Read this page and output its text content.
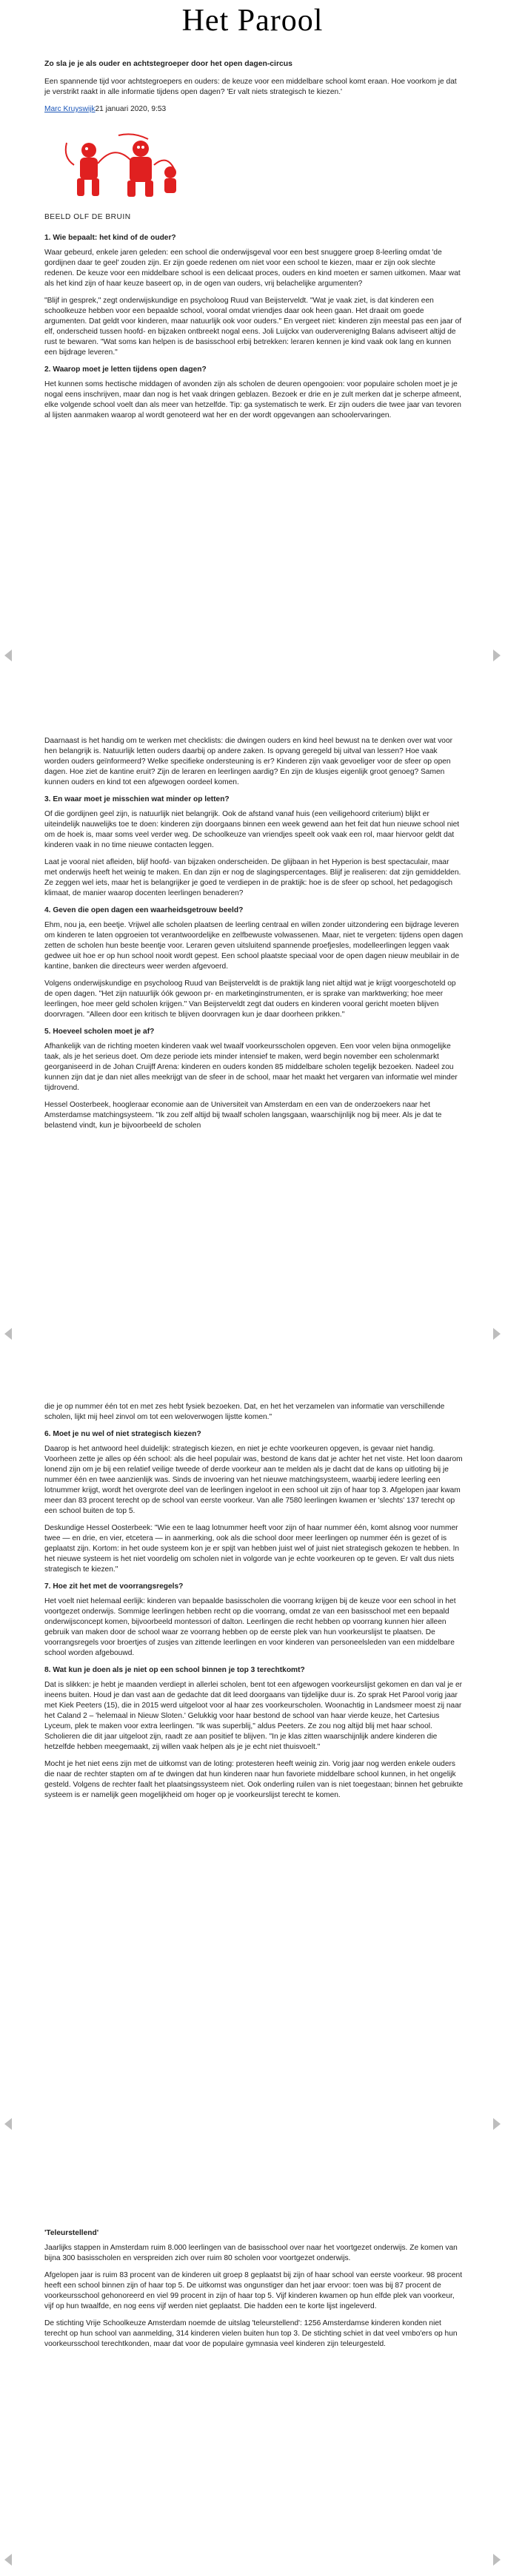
Het Parool

Zo sla je je als ouder en achtstegroeper door het open dagen-circus

Een spannende tijd voor achtstegroepers en ouders: de keuze voor een middelbare school komt eraan. Hoe voorkom je dat je verstrikt raakt in alle informatie tijdens open dagen? 'Er valt niets strategisch te kiezen.'

Marc Kruyswijk21 januari 2020, 9:53

BEELD OLF DE BRUIN

1. Wie bepaalt: het kind of de ouder?

Waar gebeurd, enkele jaren geleden: een school die onderwijsgeval voor een best snuggere groep 8-leerling omdat 'de gordijnen daar te geel' zouden zijn. Er zijn goede redenen om niet voor een school te kiezen, maar er zijn ook slechte redenen. De keuze voor een middelbare school is een delicaat proces, ouders en kind moeten er samen uitkomen. Maar wat als het kind zijn of haar keuze baseert op, in de ogen van ouders, vrij belachelijke argumenten?

"Blijf in gesprek," zegt onderwijskundige en psycholoog Ruud van Beijsterveldt. "Wat je vaak ziet, is dat kinderen een schoolkeuze hebben voor een bepaalde school, vooral omdat vriendjes daar ook heen gaan. Het draait om goede argumenten. Dat geldt voor kinderen, maar natuurlijk ook voor ouders." En vergeet niet: kinderen zijn meestal pas een jaar of elf, onderscheid tussen hoofd- en bijzaken ontbreekt nogal eens. Joli Luijckx van ouderverenigIng Balans adviseert altijd de rust te bewaren. "Wat soms kan helpen is de basisschool erbij betrekken: leraren kennen je kind vaak ook lang en kunnen een bijdrage leveren."

2. Waarop moet je letten tijdens open dagen?

Het kunnen soms hectische middagen of avonden zijn als scholen de deuren opengooien: voor populaire scholen moet je je nogal eens inschrijven, maar dan nog is het vaak dringen geblazen. Bezoek er drie en je zult merken dat je scherpe afmeent, elke volgende school voelt dan als meer van hetzelfde. Tip: ga systematisch te werk. Er zijn ouders die twee jaar van tevoren al lijsten aanmaken waarop al wordt genoteerd wat her en der wordt opgevangen aan schoolervaringen.

Daarnaast is het handig om te werken met checklists: die dwingen ouders en kind heel bewust na te denken over wat voor hen belangrijk is. Natuurlijk letten ouders daarbij op andere zaken. Is opvang geregeld bij uitval van lessen? Hoe vaak worden ouders geïnformeerd? Welke specifieke ondersteuning is er? Kinderen zijn vaak gevoeliger voor de sfeer op open dagen. Hoe ziet de kantine eruit? Zijn de leraren en leerlingen aardig? En zijn de klusjes eigenlijk groot genoeg? Samen kunnen ouders en kind tot een afgewogen oordeel komen.

3. En waar moet je misschien wat minder op letten?

Of die gordijnen geel zijn, is natuurlijk niet belangrijk. Ook de afstand vanaf huis (een veiligehoord criterium) blijkt er uiteindelijk nauwelijks toe te doen: kinderen zijn doorgaans binnen een week gewend aan het feit dat hun nieuwe school niet om de hoek is, maar soms veel verder weg. De schoolkeuze van vriendjes speelt ook vaak een rol, maar hiervoor geldt dat kinderen vaak in no time nieuwe contacten leggen.

Laat je vooral niet afleiden, blijf hoofd- van bijzaken onderscheiden. De glijbaan in het Hyperion is best spectaculair, maar met onderwijs heeft het weinig te maken. En dan zijn er nog de slagingspercentages. Blijf je realiseren: dat zijn gemiddelden. Ze zeggen wel iets, maar het is belangrijker je goed te verdiepen in de praktijk: hoe is de sfeer op school, het pedagogisch klimaat, de manier waarop docenten leerlingen benaderen?

4. Geven die open dagen een waarheidsgetrouw beeld?

Ehm, nou ja, een beetje. Vrijwel alle scholen plaatsen de leerling centraal en willen zonder uitzondering een bijdrage leveren om kinderen te laten opgroeien tot verantwoordelijke en zelfbewuste volwassenen. Maar, niet te vergeten: tijdens open dagen zetten de scholen hun beste beentje voor. Leraren geven uitsluitend spannende proefjesles, modelleerlingen leggen vaak gedwee uit hoe er op hun school nooit wordt gepest. Een school plaatste speciaal voor de open dagen nieuw meubilair in de kantine, banken die directeurs weer werden afgevoerd.

Volgens onderwijskundige en psycholoog Ruud van Beijsterveldt is de praktijk lang niet altijd wat je krijgt voorgeschoteld op de open dagen. "Het zijn natuurlijk óók gewoon pr- en marketinginstrumenten, er is sprake van marktwerking; hoe meer leerlingen, hoe meer geld scholen krijgen." Van Beijsterveldt zegt dat ouders en kinderen vooral gericht moeten blijven doorvragen. "Alleen door een kritisch te blijven doorvragen kun je daar doorheen prikken."

5. Hoeveel scholen moet je af?

Afhankelijk van de richting moeten kinderen vaak wel twaalf voorkeursscholen opgeven. Een voor velen bijna onmogelijke taak, als je het serieus doet. Om deze periode iets minder intensief te maken, werd begin november een scholenmarkt georganiseerd in de Johan Cruijff Arena: kinderen en ouders konden 85 middelbare scholen tegelijk bezoeken. Nadeel zou kunnen zijn dat je dan niet alles meekrijgt van de sfeer in de school, maar het maakt het vergaren van informatie wel minder tijdrovend.

Hessel Oosterbeek, hoogleraar economie aan de Universiteit van Amsterdam en een van de onderzoekers naar het Amsterdamse matchingsysteem. "Ik zou zelf altijd bij twaalf scholen langsgaan, waarschijnlijk nog bij meer. Als je dat te belastend vindt, kun je bijvoorbeeld de scholen

die je op nummer één tot en met zes hebt fysiek bezoeken. Dat, en het het verzamelen van informatie van verschillende scholen, lijkt mij heel zinvol om tot een weloverwogen lijstte komen."

6. Moet je nu wel of niet strategisch kiezen?

Daarop is het antwoord heel duidelijk: strategisch kiezen, en niet je echte voorkeuren opgeven, is gevaar niet handig. Voorheen zette je alles op één school: als die heel populair was, bestond de kans dat je achter het net viste. Het loon daarom lonend zijn om je bij een relatief veilige tweede of derde voorkeur aan te melden als je dacht dat de kans op uitloting bij je nummer één en twee aanzienlijk was. Sinds de invoering van het nieuwe matchingsysteem, waarbij iedere leerling een lotnummer krijgt, wordt het overgrote deel van de leerlingen ingeloot in een school uit zijn of haar top 3. Afgelopen jaar kwam meer dan 83 procent terecht op de school van eerste voorkeur. Van alle 7580 leerlingen kwamen er 'slechts' 137 terecht op een school buiten de top 5.

Deskundige Hessel Oosterbeek: "Wie een te laag lotnummer heeft voor zijn of haar nummer één, komt alsnog voor nummer twee — en drie, en vier, etcetera — in aanmerking, ook als die school door meer leerlingen op nummer één is gezet of is geplaatst zijn. Kortom: in het oude systeem kon je er spijt van hebben juist wel of juist niet strategisch gekozen te hebben. In het nieuwe systeem is het niet voordelig om scholen niet in volgorde van je echte voorkeuren op te geven. Er valt dus niets strategisch te kiezen."

7. Hoe zit het met de voorrangsregels?

Het voelt niet helemaal eerlijk: kinderen van bepaalde basisscholen die voorrang krijgen bij de keuze voor een school in het voortgezet onderwijs. Sommige leerlingen hebben recht op die voorrang, omdat ze van een basisschool met een bepaald onderwijsconcept komen, bijvoorbeeld montessori of dalton. Leerlingen die recht hebben op voorrang kunnen hier alleen gebruik van maken door de school waar ze voorrang hebben op de eerste plek van hun voorkeurslijst te plaatsen. De voorrangsregels voor broertjes of zusjes van zittende leerlingen en voor kinderen van personeelsleden van een middelbare school worden afgebouwd.

8. Wat kun je doen als je niet op een school binnen je top 3 terechtkomt?

Dat is slikken: je hebt je maanden verdiept in allerlei scholen, bent tot een afgewogen voorkeurslijst gekomen en dan val je er ineens buiten. Houd je dan vast aan de gedachte dat dit leed doorgaans van tijdelijke duur is. Zo sprak Het Parool vorig jaar met Kiek Peeters (15), die in 2015 werd uitgeloot voor al haar zes voorkeurscholen. Woonachtig in Landsmeer moest zij naar het Caland 2 – 'helemaal in Nieuw Sloten.' Gelukkig voor haar bestond de school van haar vierde keuze, het Cartesius Lyceum, plek te maken voor extra leerlingen. "Ik was superblij," aldus Peeters. Ze zou nog altijd blij met haar school. Scholieren die dit jaar uitgeloot zijn, raadt ze aan positief te blijven. "In je klas zitten waarschijnlijk andere kinderen die hetzelfde hebben meegemaakt, zij willen vaak helpen als je je echt niet thuisvoelt."

Mocht je het niet eens zijn met de uitkomst van de loting: protesteren heeft weinig zin. Vorig jaar nog werden enkele ouders die naar de rechter stapten om af te dwingen dat hun kinderen naar hun favoriete middelbare school kunnen, in het ongelijk gesteld. Volgens de rechter faalt het plaatsingssysteem niet. Ook onderling ruilen van is niet toegestaan; binnen het gebruikte systeem is er namelijk geen mogelijkheid om hoger op je voorkeurslijst terecht te komen.

'Teleurstellend'

Jaarlijks stappen in Amsterdam ruim 8.000 leerlingen van de basisschool over naar het voortgezet onderwijs. Ze komen van bijna 300 basisscholen en verspreiden zich over ruim 80 scholen voor voortgezet onderwijs.

Afgelopen jaar is ruim 83 procent van de kinderen uit groep 8 geplaatst bij zijn of haar school van eerste voorkeur. 98 procent heeft een school binnen zijn of haar top 5. De uitkomst was ongunstiger dan het jaar ervoor: toen was bij 87 procent de voorkeursschool gehonoreerd en viel 99 procent in zijn of haar top 5. Vijf kinderen kwamen op hun elfde plek van voorkeur, vijf op hun twaalfde, en nog eens vijf werden niet geplaatst. Die hadden een te korte lijst ingeleverd.

De stichting Vrije Schoolkeuze Amsterdam noemde de uitslag 'teleurstellend': 1256 Amsterdamse kinderen konden niet terecht op hun school van aanmelding, 314 kinderen vielen buiten hun top 3. De stichting schiet in dat veel vmbo'ers op hun voorkeursschool terechtkonden, maar dat voor de populaire gymnasia veel kinderen zijn teleurgesteld.
